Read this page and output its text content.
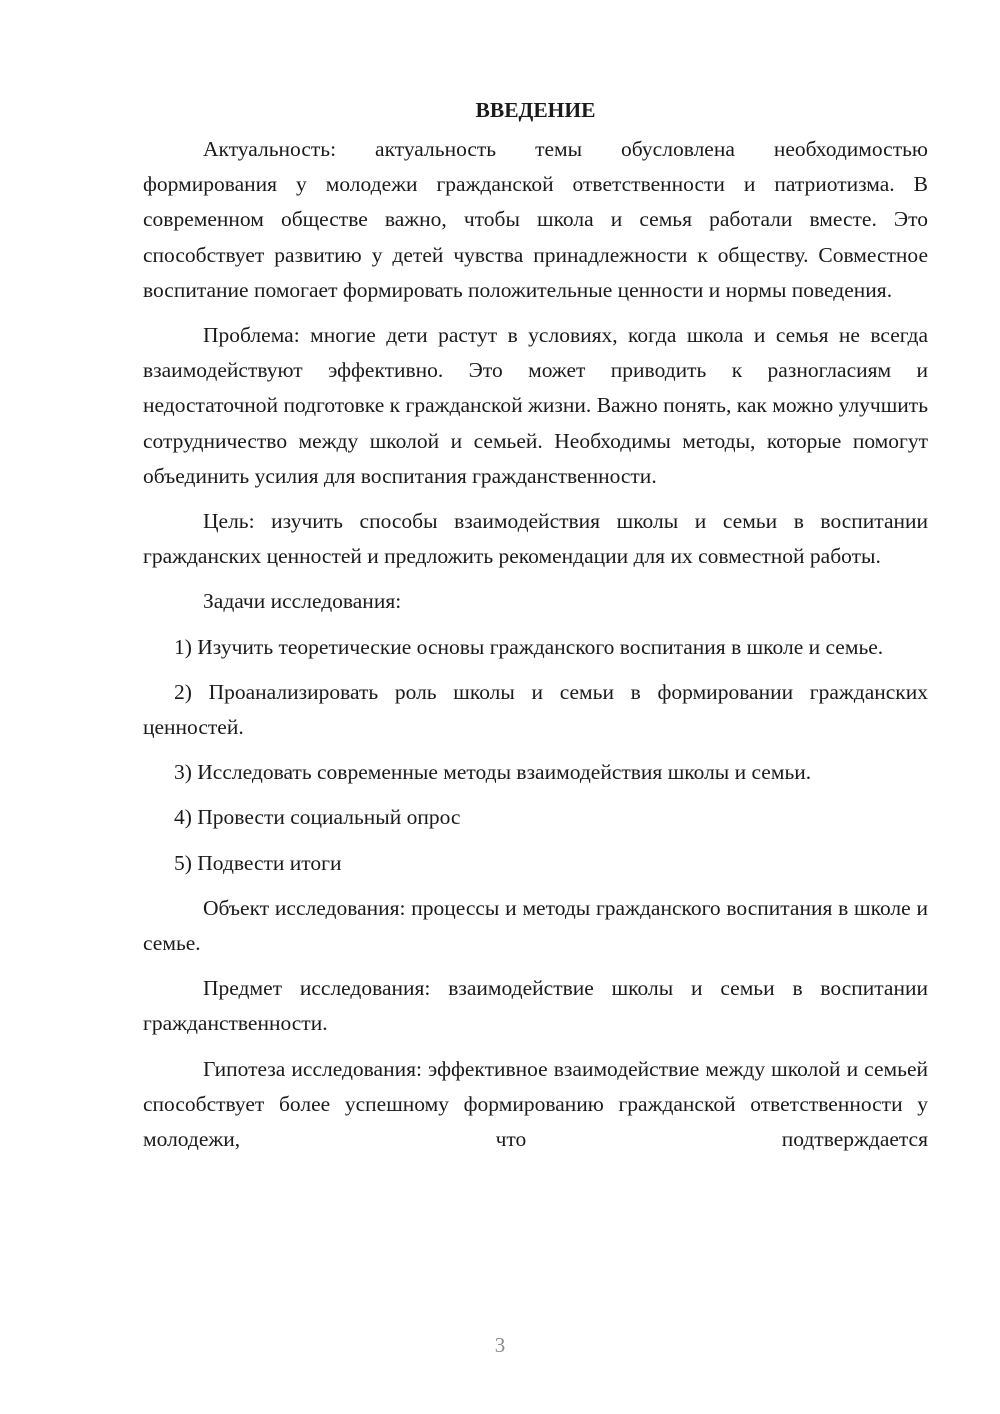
ВВЕДЕНИЕ

Актуальность: актуальность темы обусловлена необходимостью формирования у молодежи гражданской ответственности и патриотизма. В современном обществе важно, чтобы школа и семья работали вместе. Это способствует развитию у детей чувства принадлежности к обществу. Совместное воспитание помогает формировать положительные ценности и нормы поведения.

Проблема: многие дети растут в условиях, когда школа и семья не всегда взаимодействуют эффективно. Это может приводить к разногласиям и недостаточной подготовке к гражданской жизни. Важно понять, как можно улучшить сотрудничество между школой и семьей. Необходимы методы, которые помогут объединить усилия для воспитания гражданственности.

Цель: изучить способы взаимодействия школы и семьи в воспитании гражданских ценностей и предложить рекомендации для их совместной работы.

Задачи исследования:

1) Изучить теоретические основы гражданского воспитания в школе и семье.

2) Проанализировать роль школы и семьи в формировании гражданских ценностей.

3) Исследовать современные методы взаимодействия школы и семьи.

4) Провести социальный опрос

5) Подвести итоги

Объект исследования: процессы и методы гражданского воспитания в школе и семье.

Предмет исследования: взаимодействие школы и семьи в воспитании гражданственности.

Гипотеза исследования: эффективное взаимодействие между школой и семьей способствует более успешному формированию гражданской ответственности у молодежи, что подтверждается

3
